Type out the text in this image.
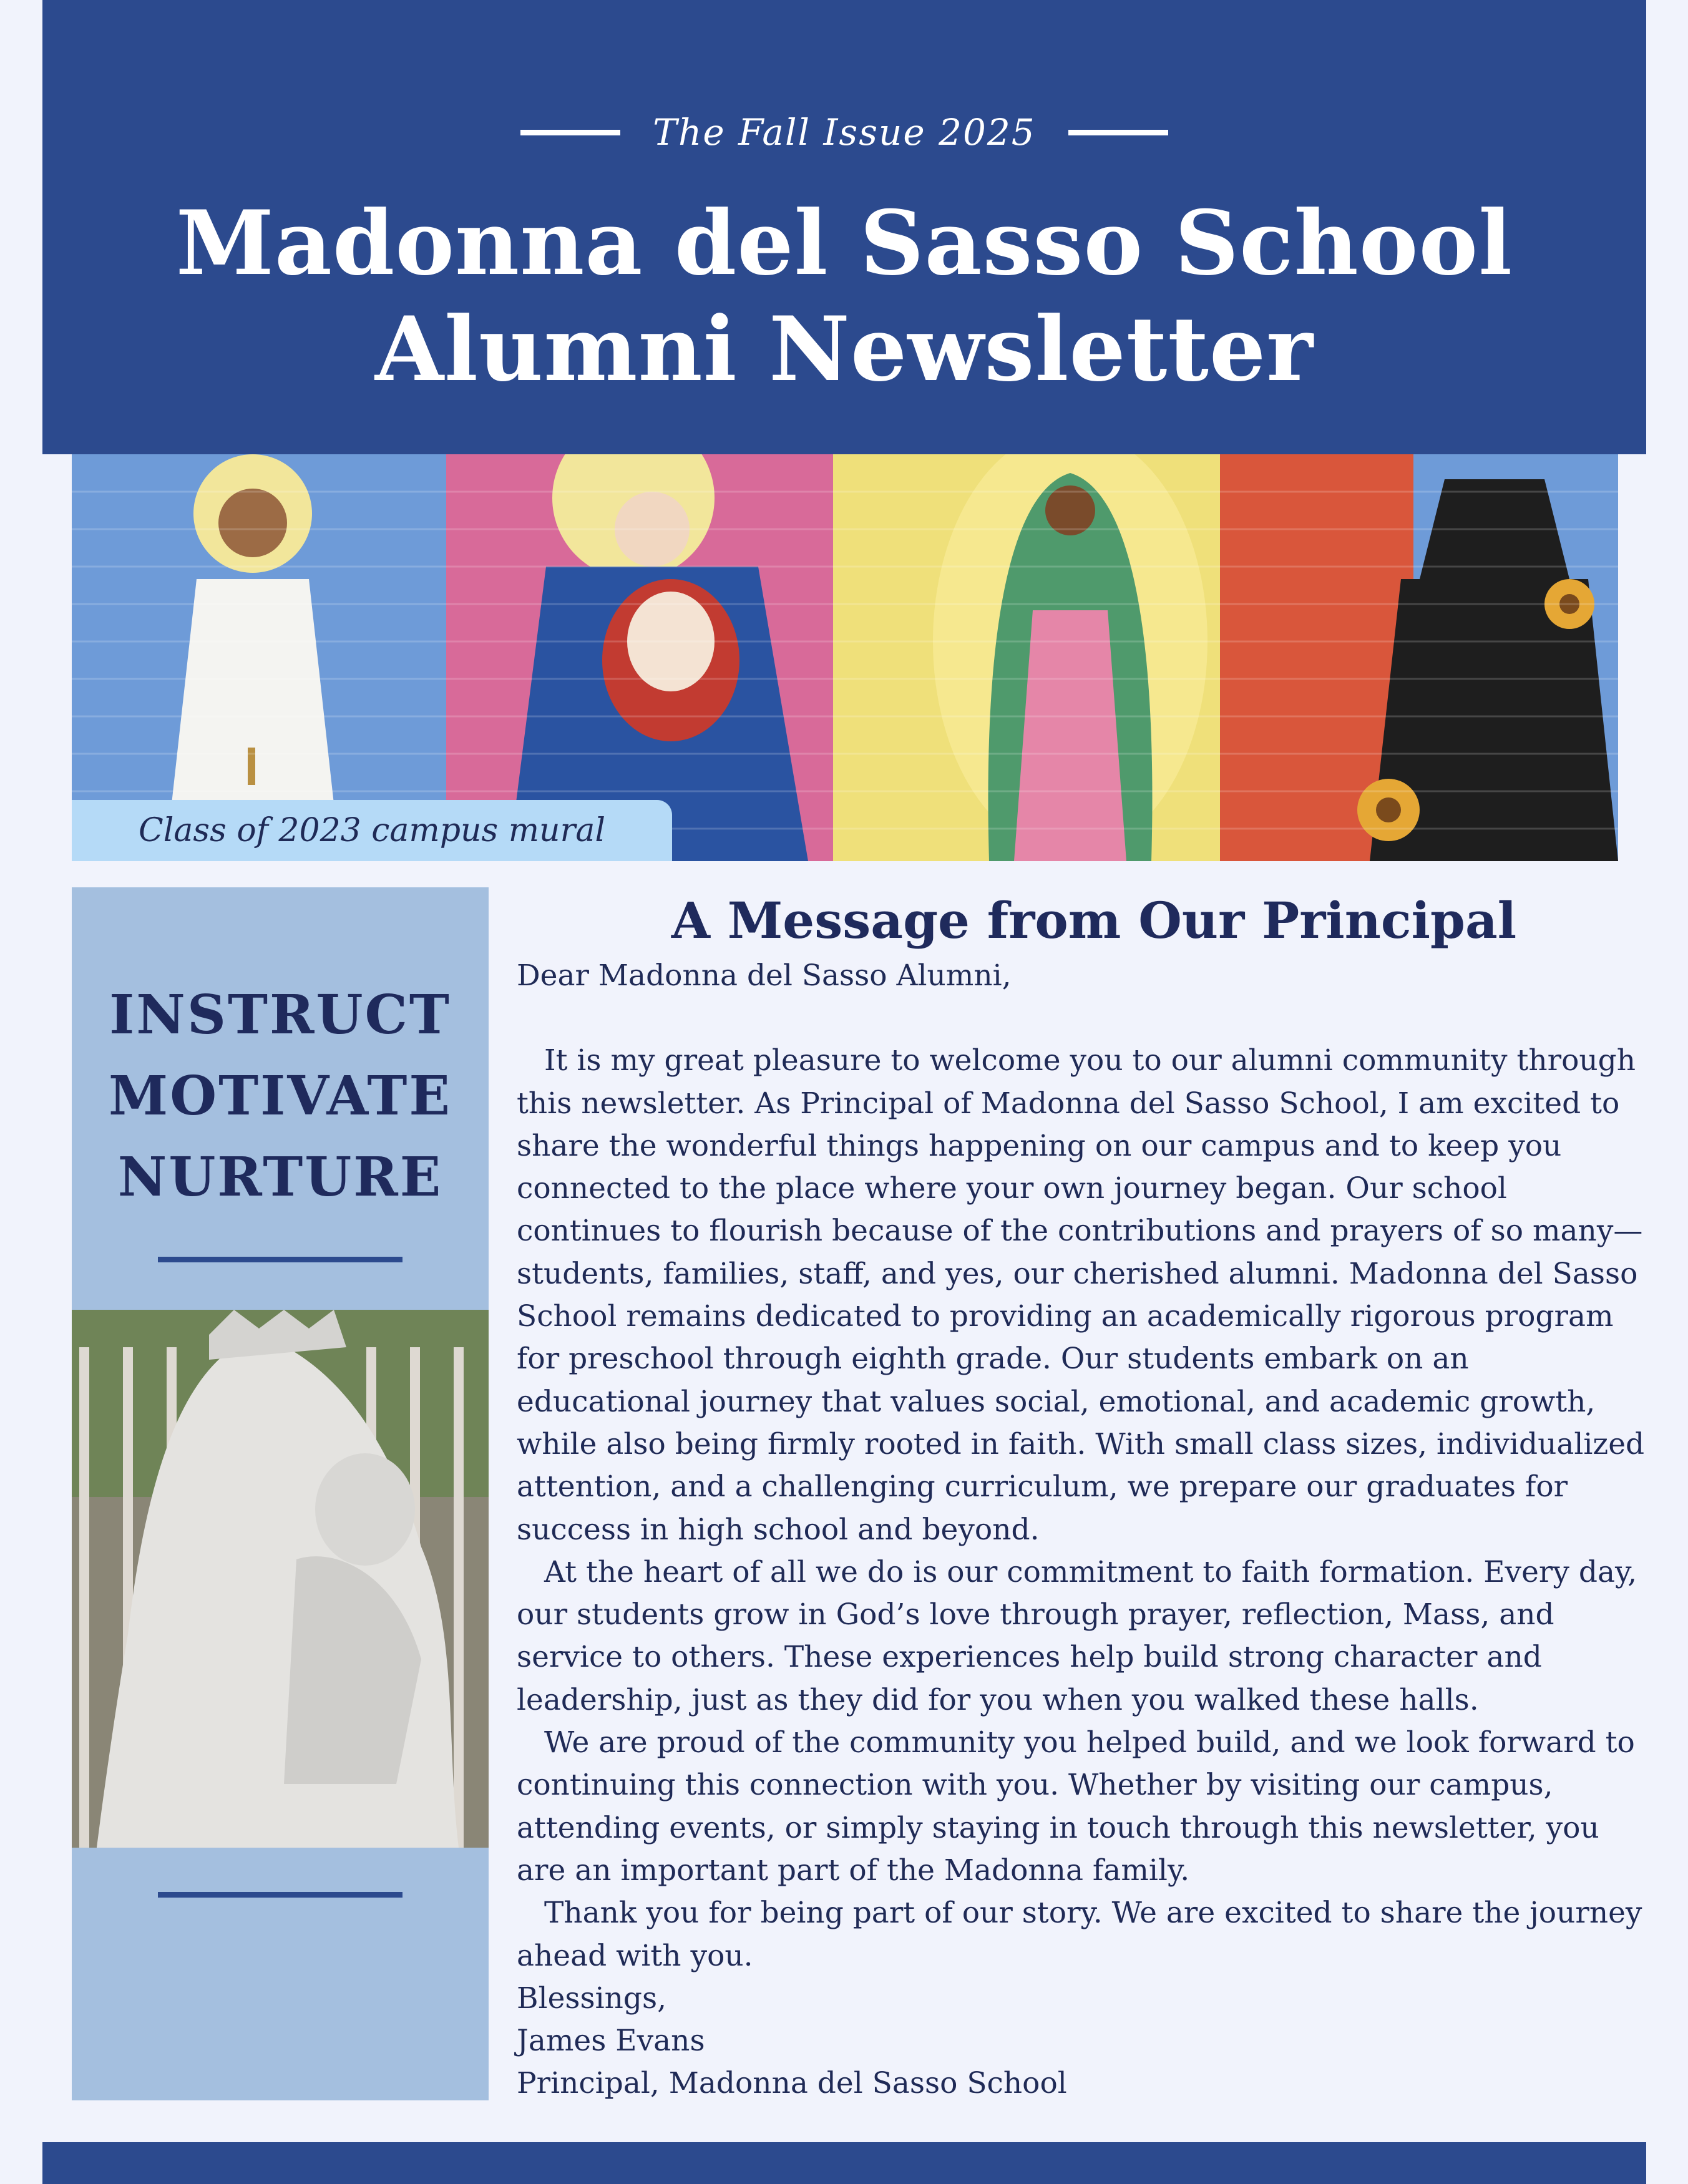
The Fall Issue 2025
Madonna del Sasso School
Alumni Newsletter
Class of 2023 campus mural
INSTRUCT
MOTIVATE
NURTURE
A Message from Our Principal

Dear Madonna del Sasso Alumni,

It is my great pleasure to welcome you to our alumni community through this newsletter. As Principal of Madonna del Sasso School, I am excited to share the wonderful things happening on our campus and to keep you connected to the place where your own journey began. Our school continues to flourish because of the contributions and prayers of so many—students, families, staff, and yes, our cherished alumni. Madonna del Sasso School remains dedicated to providing an academically rigorous program for preschool through eighth grade. Our students embark on an educational journey that values social, emotional, and academic growth, while also being firmly rooted in faith. With small class sizes, individualized attention, and a challenging curriculum, we prepare our graduates for success in high school and beyond.

At the heart of all we do is our commitment to faith formation. Every day, our students grow in God’s love through prayer, reflection, Mass, and service to others. These experiences help build strong character and leadership, just as they did for you when you walked these halls.

We are proud of the community you helped build, and we look forward to continuing this connection with you. Whether by visiting our campus, attending events, or simply staying in touch through this newsletter, you are an important part of the Madonna family.

Thank you for being part of our story. We are excited to share the journey ahead with you.

Blessings,

James Evans

Principal, Madonna del Sasso School
